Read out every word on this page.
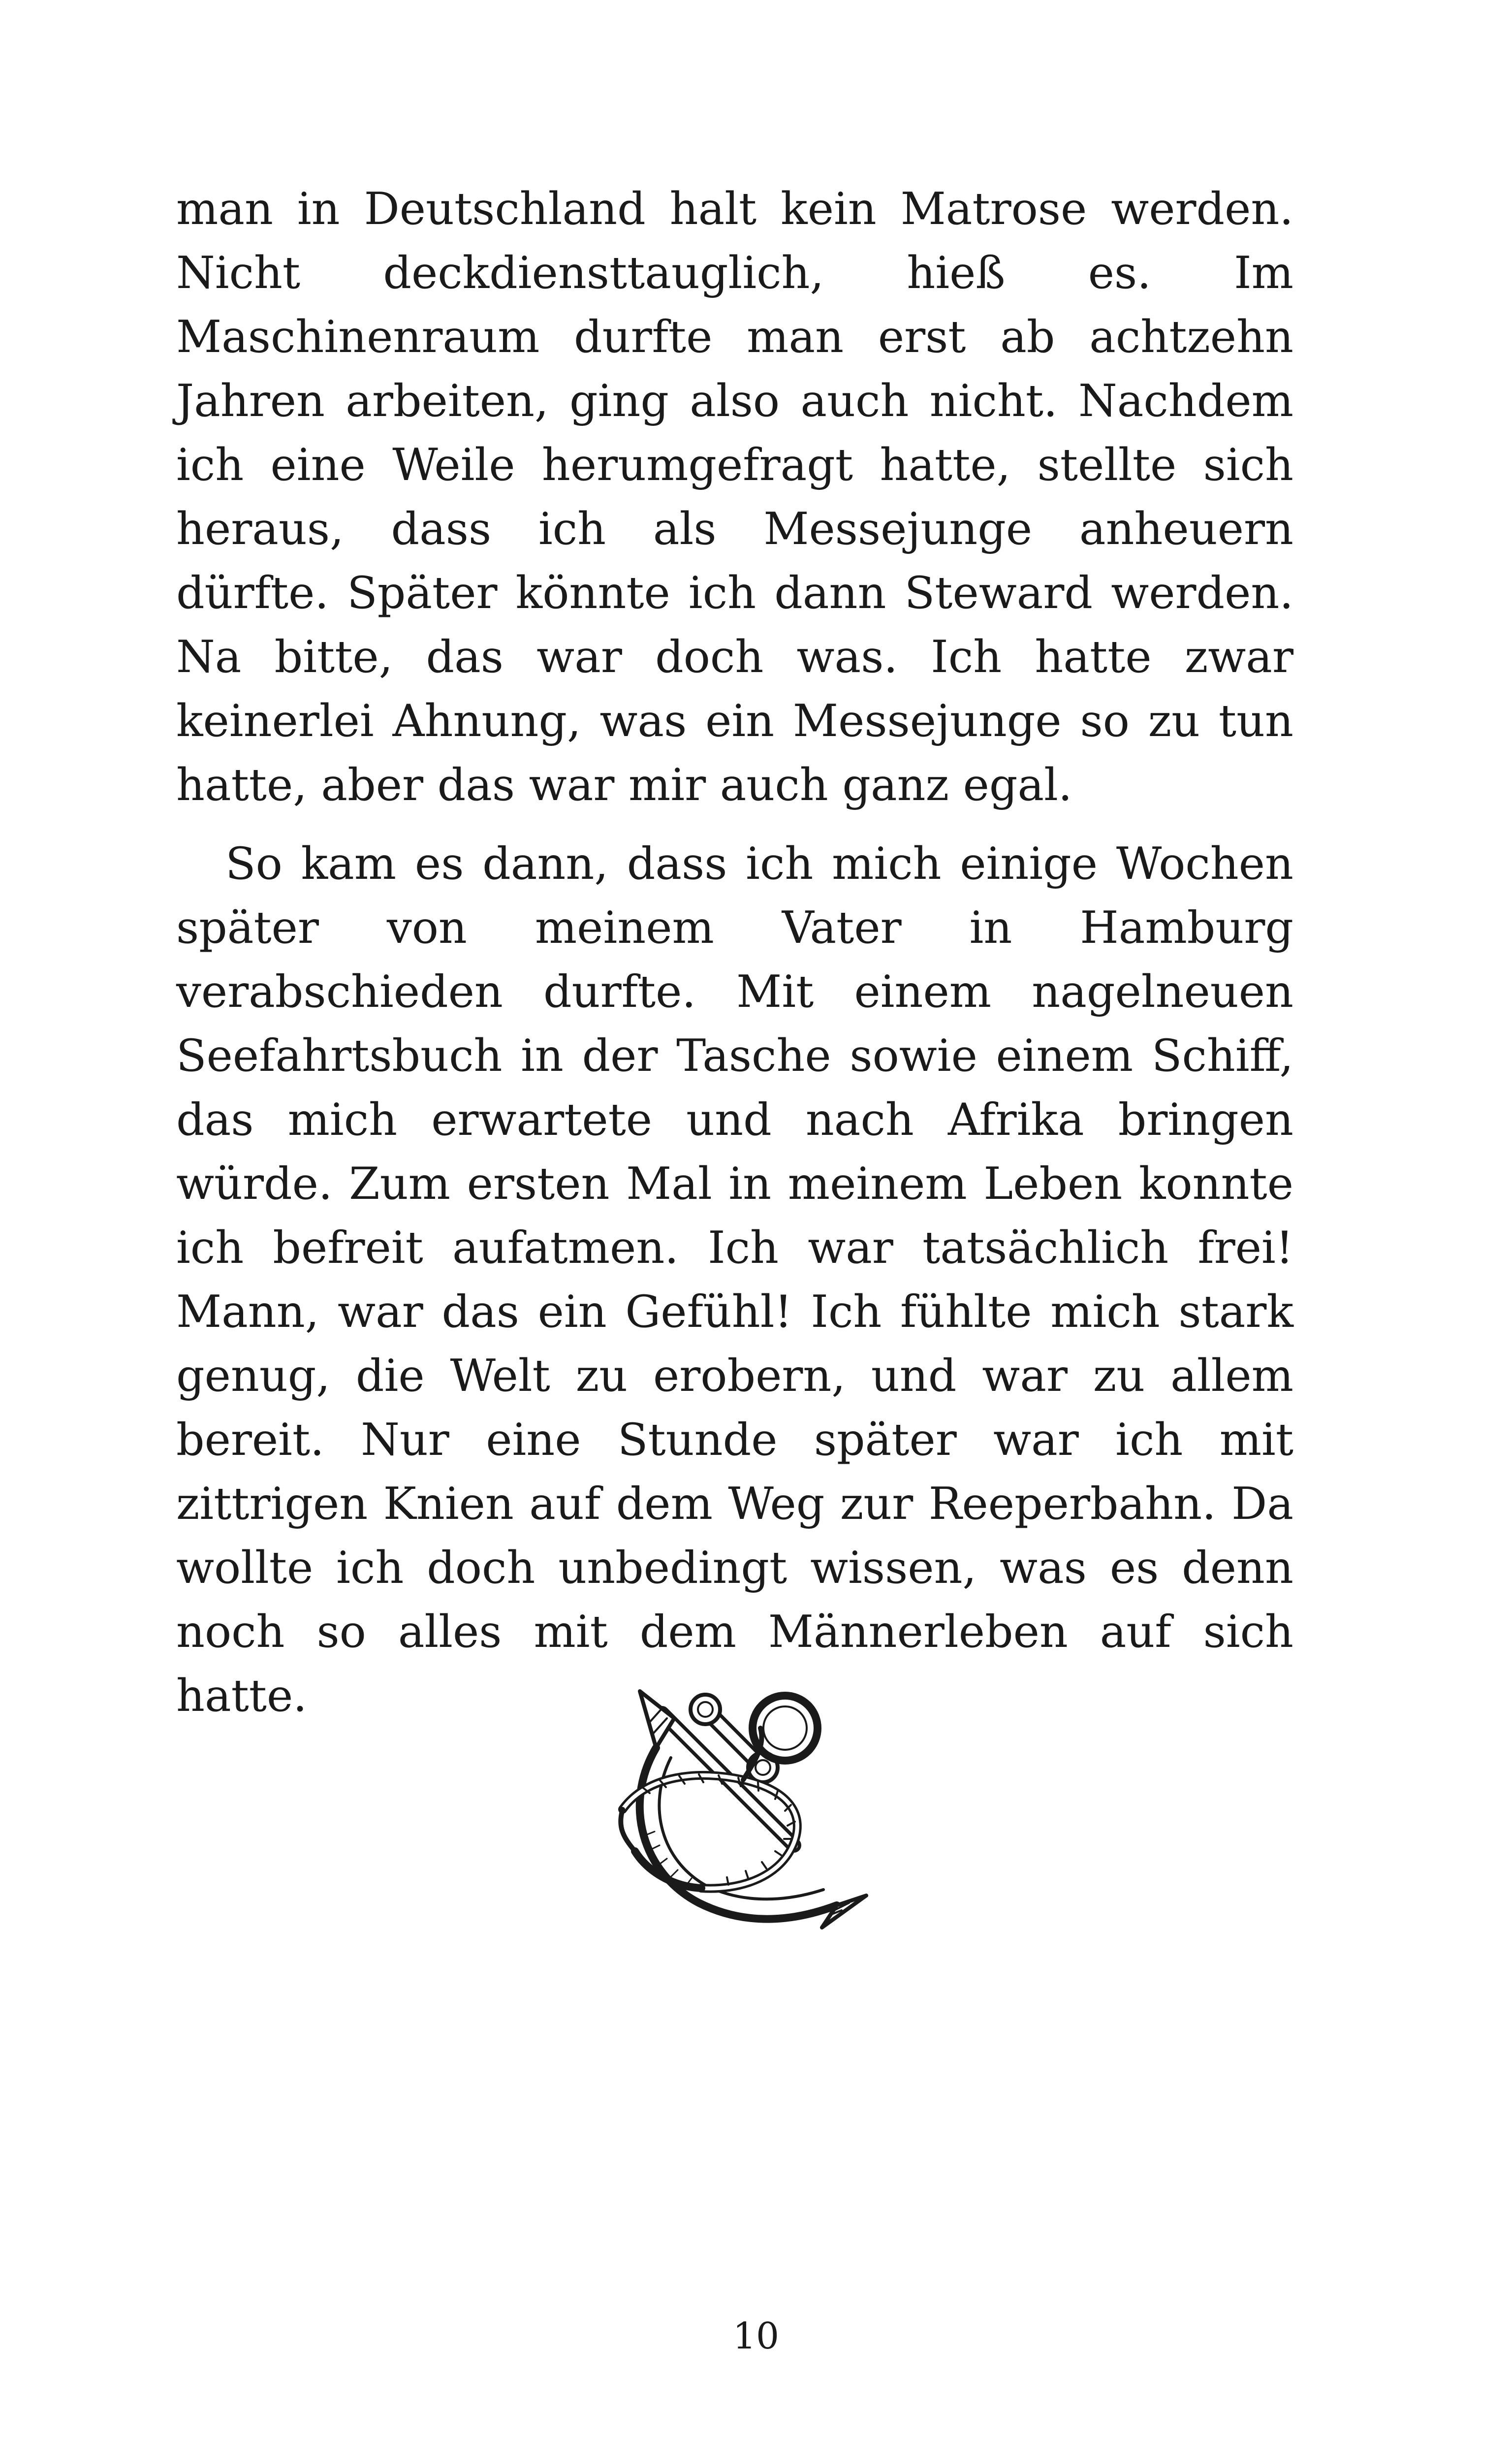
man in Deutschland halt kein Matrose werden. Nicht deckdiensttauglich, hieß es. Im Maschinenraum durfte man erst ab achtzehn Jahren arbeiten, ging also auch nicht. Nachdem ich eine Weile herumgefragt hatte, stellte sich heraus, dass ich als Messejunge anheuern dürfte. Später könnte ich dann Steward werden. Na bitte, das war doch was. Ich hatte zwar keinerlei Ahnung, was ein Messejunge so zu tun hatte, aber das war mir auch ganz egal.

So kam es dann, dass ich mich einige Wochen später von meinem Vater in Hamburg verabschieden durfte. Mit einem nagelneuen Seefahrtsbuch in der Tasche sowie einem Schiff, das mich erwartete und nach Afrika bringen würde. Zum ersten Mal in meinem Leben konnte ich befreit aufatmen. Ich war tatsächlich frei! Mann, war das ein Gefühl! Ich fühlte mich stark genug, die Welt zu erobern, und war zu allem bereit. Nur eine Stunde später war ich mit zittrigen Knien auf dem Weg zur Reeperbahn. Da wollte ich doch unbedingt wissen, was es denn noch so alles mit dem Männerleben auf sich hatte.

10
